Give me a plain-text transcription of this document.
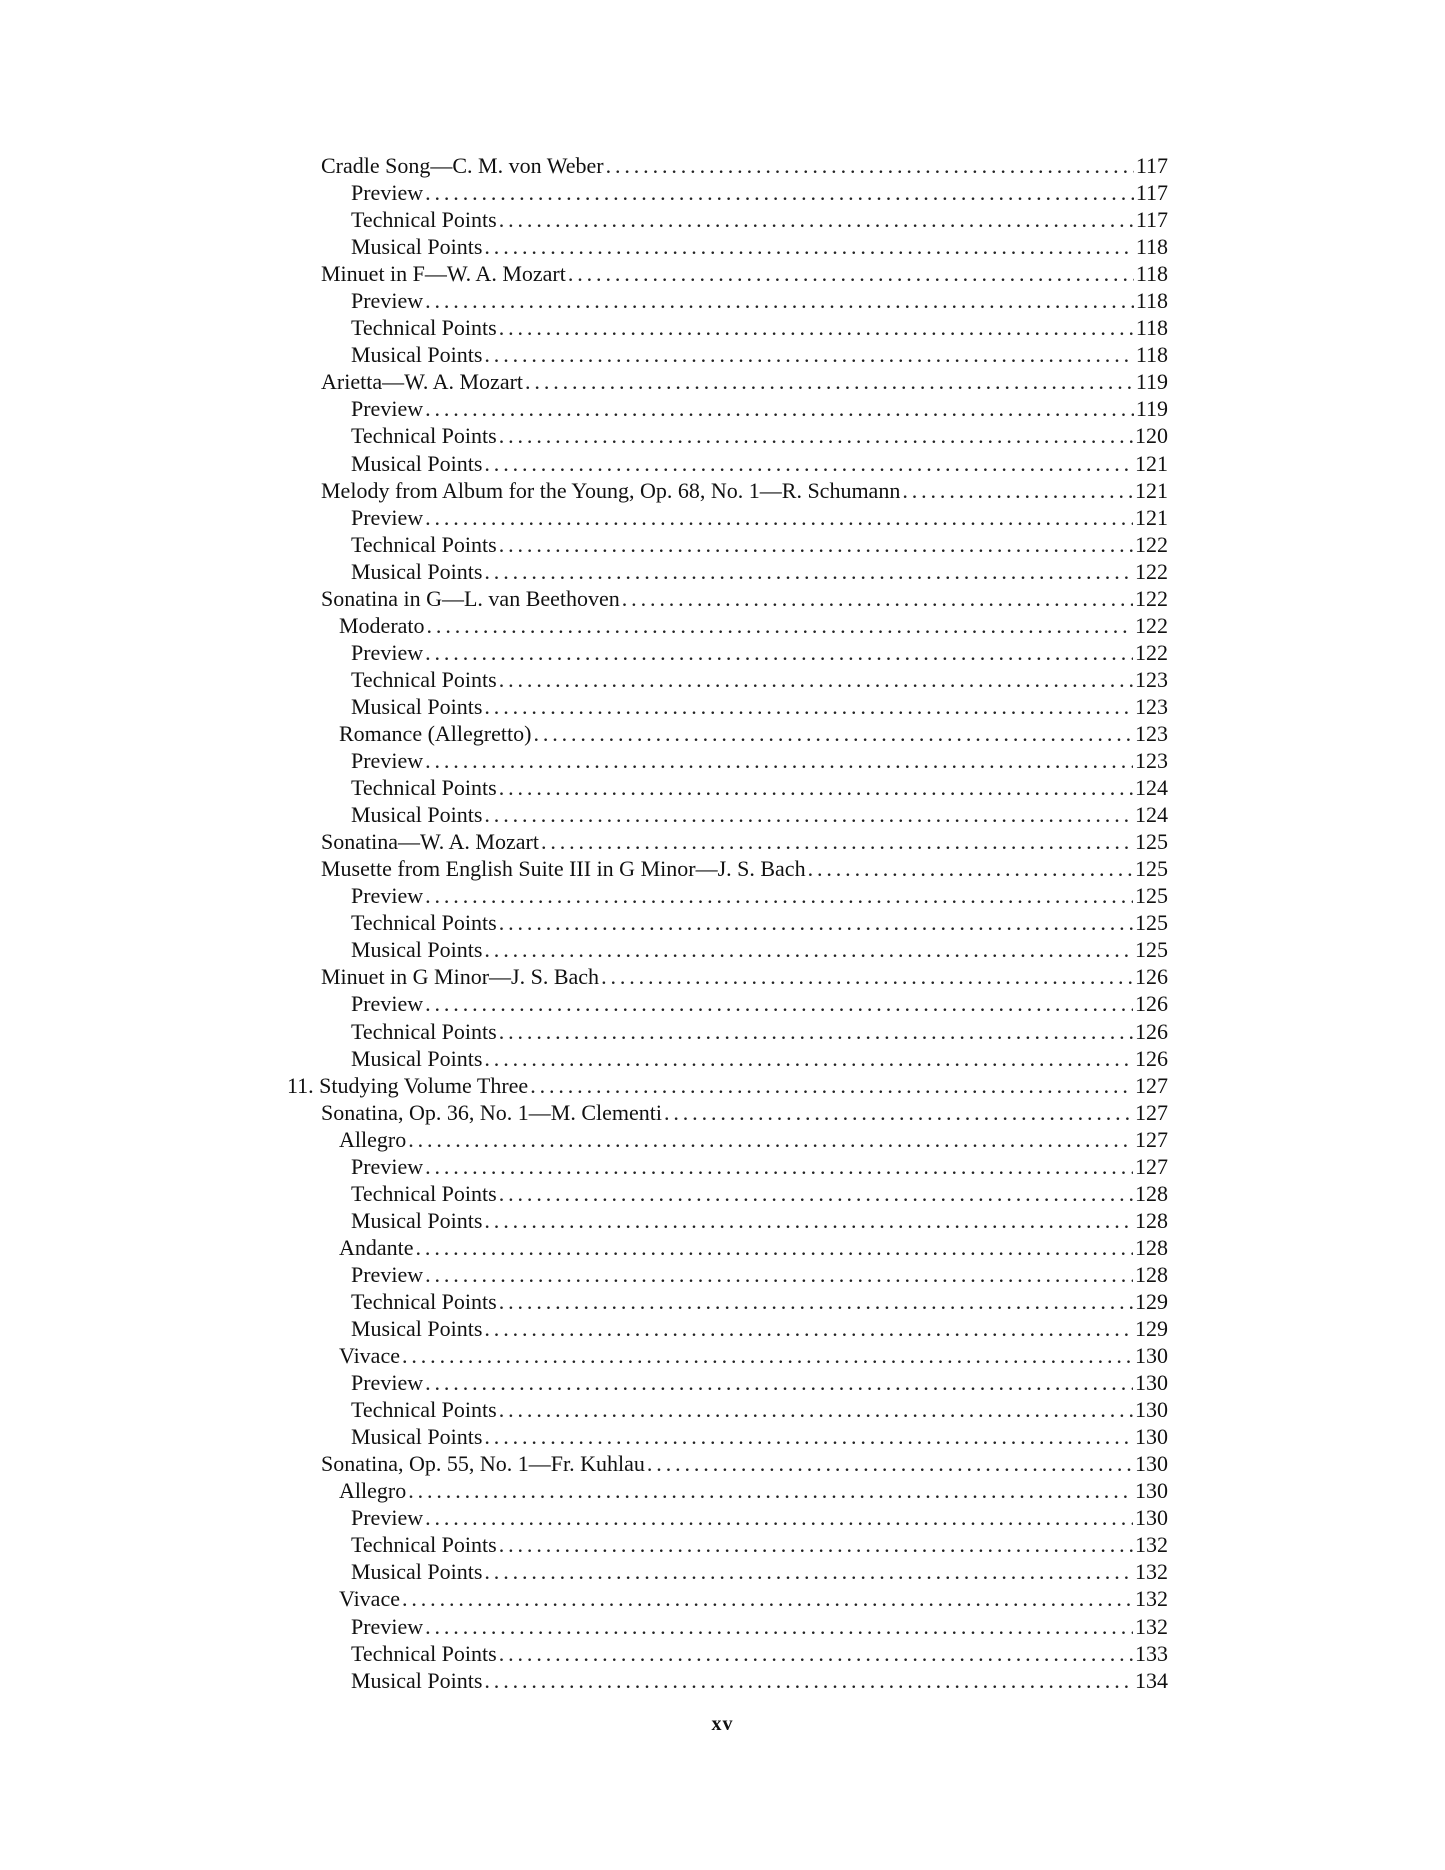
Cradle Song—C. M. von Weber . . .	117
Preview . . .	117
Technical Points . . .	117
Musical Points . . .	118
Minuet in F—W. A. Mozart . . .	118
Preview . . .	118
Technical Points . . .	118
Musical Points . . .	118
Arietta—W. A. Mozart . . .	119
Preview . . .	119
Technical Points . . .	120
Musical Points . . .	121
Melody from Album for the Young, Op. 68, No. 1—R. Schumann . . .	121
Preview . . .	121
Technical Points . . .	122
Musical Points . . .	122
Sonatina in G—L. van Beethoven . . .	122
Moderato . . .	122
Preview . . .	122
Technical Points . . .	123
Musical Points . . .	123
Romance (Allegretto) . . .	123
Preview . . .	123
Technical Points . . .	124
Musical Points . . .	124
Sonatina—W. A. Mozart . . .	125
Musette from English Suite III in G Minor—J. S. Bach . . .	125
Preview . . .	125
Technical Points . . .	125
Musical Points . . .	125
Minuet in G Minor—J. S. Bach . . .	126
Preview . . .	126
Technical Points . . .	126
Musical Points . . .	126
11. Studying Volume Three . . .	127
Sonatina, Op. 36, No. 1—M. Clementi . . .	127
Allegro . . .	127
Preview . . .	127
Technical Points . . .	128
Musical Points . . .	128
Andante . . .	128
Preview . . .	128
Technical Points . . .	129
Musical Points . . .	129
Vivace . . .	130
Preview . . .	130
Technical Points . . .	130
Musical Points . . .	130
Sonatina, Op. 55, No. 1—Fr. Kuhlau . . .	130
Allegro . . .	130
Preview . . .	130
Technical Points . . .	132
Musical Points . . .	132
Vivace . . .	132
Preview . . .	132
Technical Points . . .	133
Musical Points . . .	134
xv
